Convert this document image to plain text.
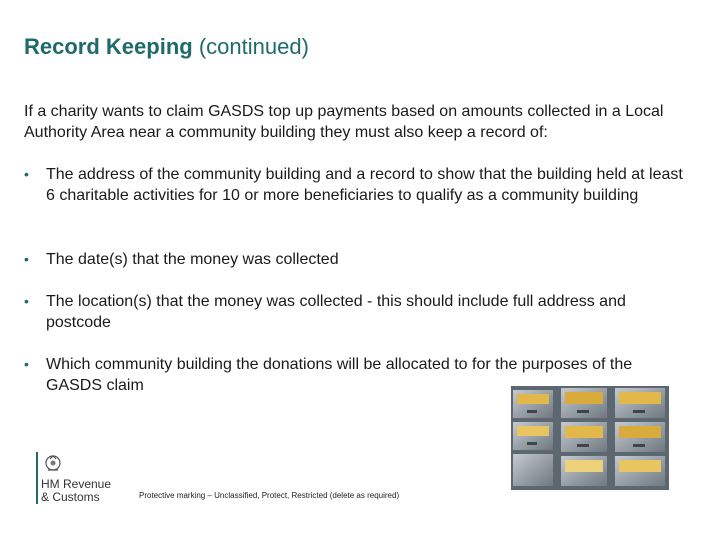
Record Keeping (continued)
If a charity wants to claim GASDS top up payments based on amounts collected in a Local Authority Area near a community building they must also keep a record of:
•	The address of the community building and a record to show that the building held at least 6 charitable activities for 10 or more beneficiaries to qualify as a community building
•	The date(s) that the money was collected
•	The location(s) that the money was collected - this should include full address and postcode
•	Which community building the donations will be allocated to for the purposes of the GASDS claim
HM Revenue
& Customs	Protective marking – Unclassified, Protect, Restricted (delete as required)
